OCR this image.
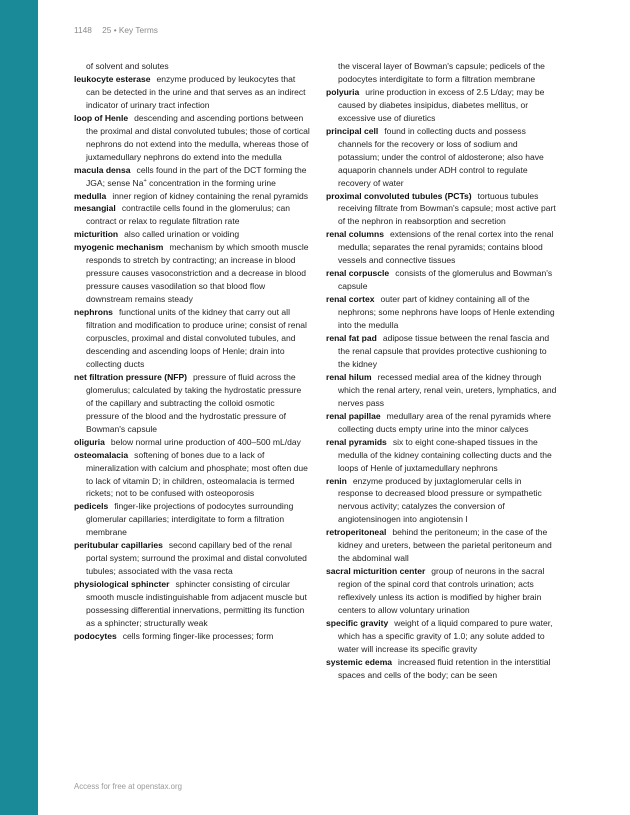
1148 25 • Key Terms
of solvent and solutes
leukocyte esterase enzyme produced by leukocytes that can be detected in the urine and that serves as an indirect indicator of urinary tract infection
loop of Henle descending and ascending portions between the proximal and distal convoluted tubules; those of cortical nephrons do not extend into the medulla, whereas those of juxtamedullary nephrons do extend into the medulla
macula densa cells found in the part of the DCT forming the JGA; sense Na+ concentration in the forming urine
medulla inner region of kidney containing the renal pyramids
mesangial contractile cells found in the glomerulus; can contract or relax to regulate filtration rate
micturition also called urination or voiding
myogenic mechanism mechanism by which smooth muscle responds to stretch by contracting; an increase in blood pressure causes vasoconstriction and a decrease in blood pressure causes vasodilation so that blood flow downstream remains steady
nephrons functional units of the kidney that carry out all filtration and modification to produce urine; consist of renal corpuscles, proximal and distal convoluted tubules, and descending and ascending loops of Henle; drain into collecting ducts
net filtration pressure (NFP) pressure of fluid across the glomerulus; calculated by taking the hydrostatic pressure of the capillary and subtracting the colloid osmotic pressure of the blood and the hydrostatic pressure of Bowman's capsule
oliguria below normal urine production of 400–500 mL/day
osteomalacia softening of bones due to a lack of mineralization with calcium and phosphate; most often due to lack of vitamin D; in children, osteomalacia is termed rickets; not to be confused with osteoporosis
pedicels finger-like projections of podocytes surrounding glomerular capillaries; interdigitate to form a filtration membrane
peritubular capillaries second capillary bed of the renal portal system; surround the proximal and distal convoluted tubules; associated with the vasa recta
physiological sphincter sphincter consisting of circular smooth muscle indistinguishable from adjacent muscle but possessing differential innervations, permitting its function as a sphincter; structurally weak
podocytes cells forming finger-like processes; form
the visceral layer of Bowman's capsule; pedicels of the podocytes interdigitate to form a filtration membrane
polyuria urine production in excess of 2.5 L/day; may be caused by diabetes insipidus, diabetes mellitus, or excessive use of diuretics
principal cell found in collecting ducts and possess channels for the recovery or loss of sodium and potassium; under the control of aldosterone; also have aquaporin channels under ADH control to regulate recovery of water
proximal convoluted tubules (PCTs) tortuous tubules receiving filtrate from Bowman's capsule; most active part of the nephron in reabsorption and secretion
renal columns extensions of the renal cortex into the renal medulla; separates the renal pyramids; contains blood vessels and connective tissues
renal corpuscle consists of the glomerulus and Bowman's capsule
renal cortex outer part of kidney containing all of the nephrons; some nephrons have loops of Henle extending into the medulla
renal fat pad adipose tissue between the renal fascia and the renal capsule that provides protective cushioning to the kidney
renal hilum recessed medial area of the kidney through which the renal artery, renal vein, ureters, lymphatics, and nerves pass
renal papillae medullary area of the renal pyramids where collecting ducts empty urine into the minor calyces
renal pyramids six to eight cone-shaped tissues in the medulla of the kidney containing collecting ducts and the loops of Henle of juxtamedullary nephrons
renin enzyme produced by juxtaglomerular cells in response to decreased blood pressure or sympathetic nervous activity; catalyzes the conversion of angiotensinogen into angiotensin I
retroperitoneal behind the peritoneum; in the case of the kidney and ureters, between the parietal peritoneum and the abdominal wall
sacral micturition center group of neurons in the sacral region of the spinal cord that controls urination; acts reflexively unless its action is modified by higher brain centers to allow voluntary urination
specific gravity weight of a liquid compared to pure water, which has a specific gravity of 1.0; any solute added to water will increase its specific gravity
systemic edema increased fluid retention in the interstitial spaces and cells of the body; can be seen
Access for free at openstax.org
